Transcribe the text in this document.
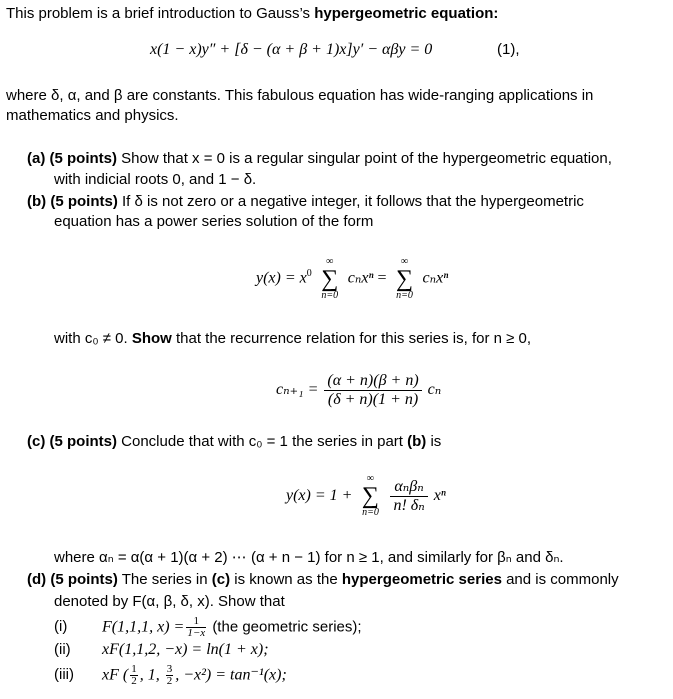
This problem is a brief introduction to Gauss’s hypergeometric equation:
x(1 − x)y″ + [δ − (α + β + 1)x]y′ − αβy = 0	(1),
where δ, α, and β are constants. This fabulous equation has wide-ranging applications in
mathematics and physics.
(a) (5 points) Show that x = 0 is a regular singular point of the hypergeometric equation,
with indicial roots 0, and 1 − δ.
(b) (5 points) If δ is not zero or a negative integer, it follows that the hypergeometric
equation has a power series solution of the form
$y(x) = x^0$
∞
∑
n=0
cₙxⁿ =
∞
∑
n=0
cₙxⁿ
with c₀ ≠ 0. Show that the recurrence relation for this series is, for n ≥ 0,
$c_{n+1} = \frac{(\alpha + n)(\beta + n)}{(\delta + n)(1 + n)}$ cₙ
(c) (5 points) Conclude that with c₀ = 1 the series in part (b) is
y(x) = 1 +
∞
∑
n=0
$\frac{\text{αₙβₙ}}{\text{n! δₙ}}$ xⁿ
where αₙ = α(α + 1)(α + 2) ⋯ (α + n − 1) for n ≥ 1, and similarly for βₙ and δₙ.
(d) (5 points) The series in (c) is known as the hypergeometric series and is commonly
denoted by F(α, β, δ, x). Show that
(i) F(1,1,1, $x) = \frac{1}{1-x} (the$ geometric series);
(ii) xF(1,1,2, −x) = ln(1 + x);
(iii) xF ( $\frac{1}{2}$ , 1, $\frac{3}{2}$ , −x²) = tan⁻¹(x);
